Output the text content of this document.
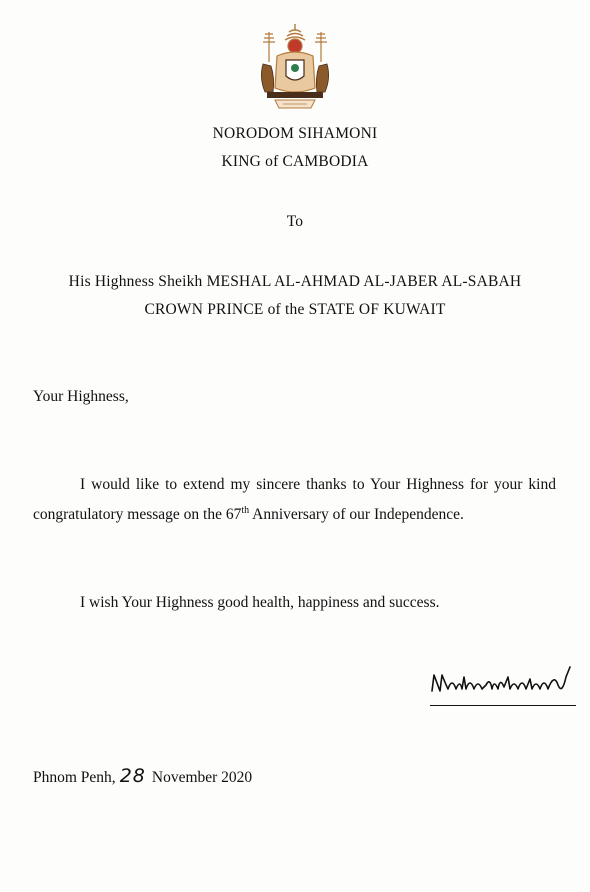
NORODOM SIHAMONI
KING of CAMBODIA
To
His Highness Sheikh MESHAL AL-AHMAD AL-JABER AL-SABAH
CROWN PRINCE of the STATE OF KUWAIT
Your Highness,
I would like to extend my sincere thanks to Your Highness for your kind congratulatory message on the 67th Anniversary of our Independence.
I wish Your Highness good health, happiness and success.
Phnom Penh, 28 November 2020
